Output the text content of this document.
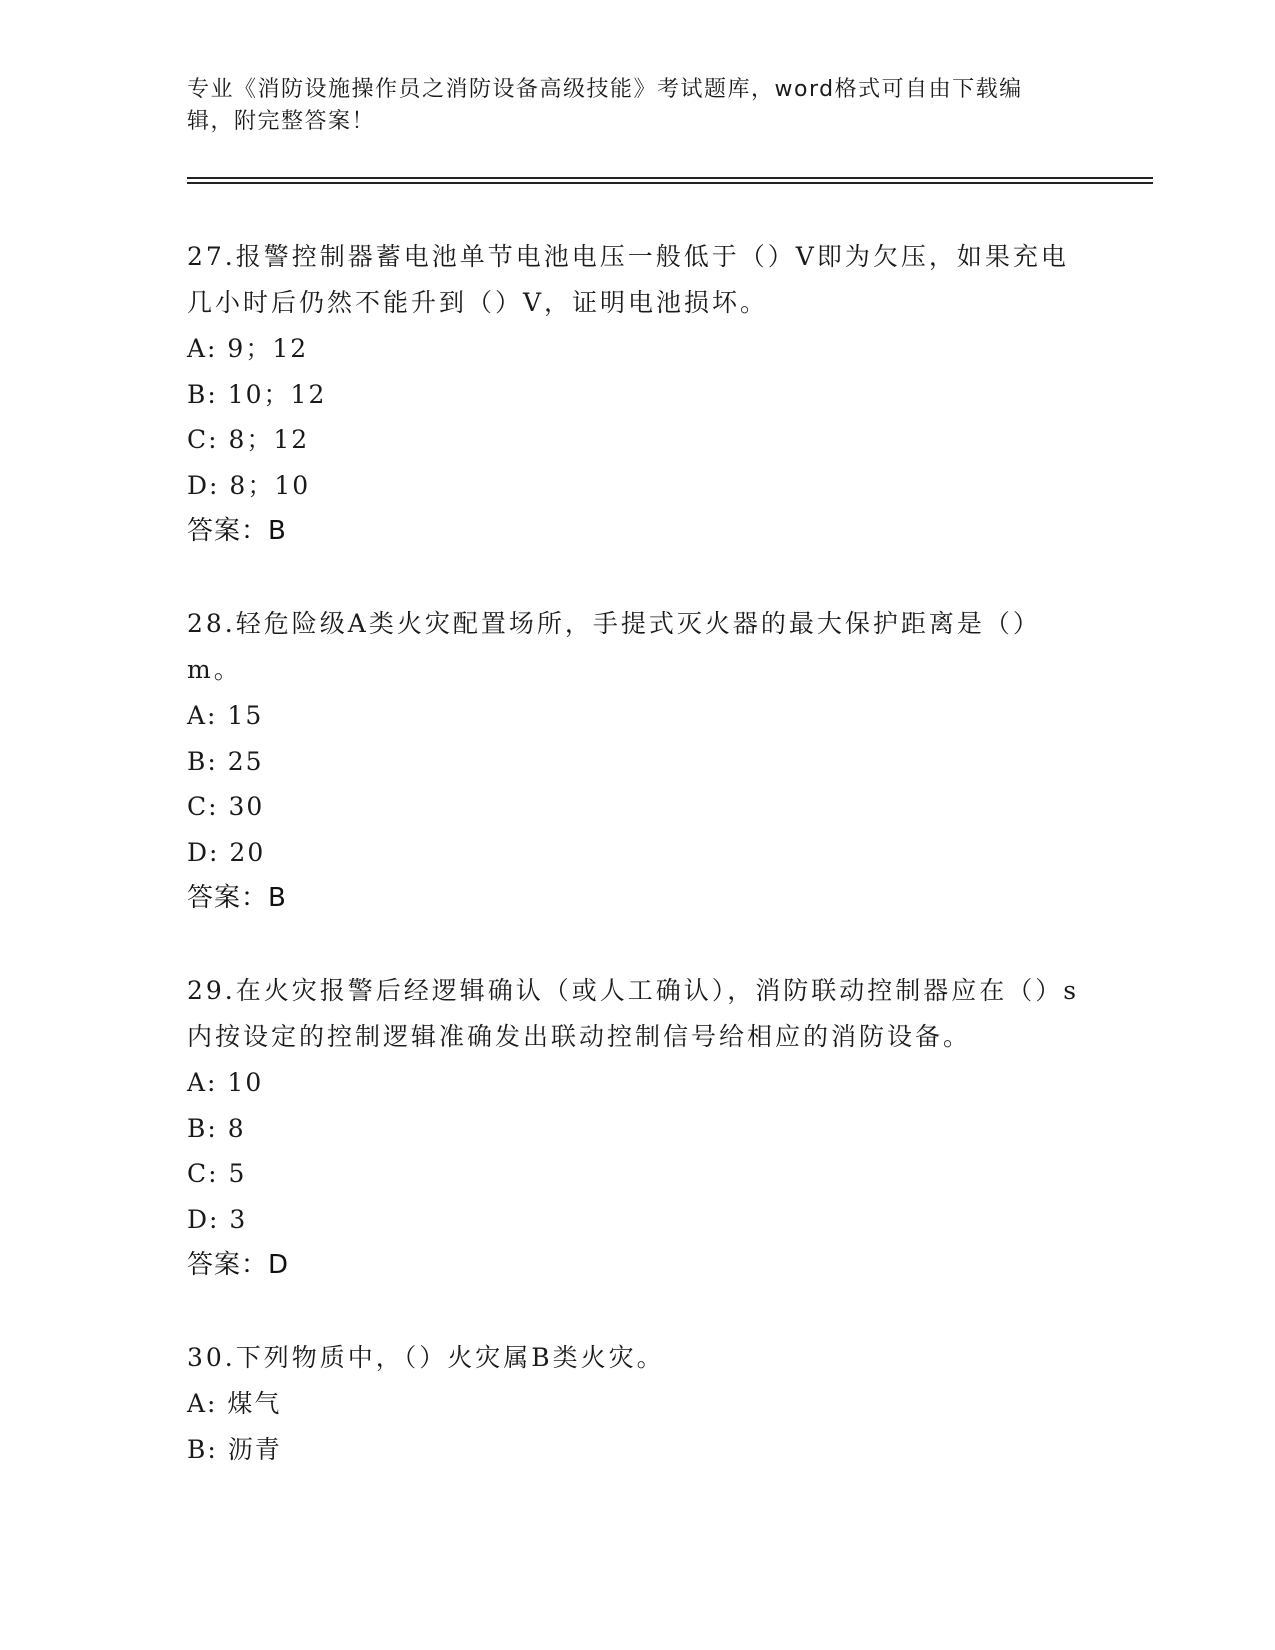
专业《消防设施操作员之消防设备高级技能》考试题库，word格式可自由下载编辑，附完整答案！
27.报警控制器蓄电池单节电池电压一般低于（）V即为欠压，如果充电几小时后仍然不能升到（）V，证明电池损坏。
A: 9；12
B: 10；12
C: 8；12
D: 8；10
答案：B
28.轻危险级A类火灾配置场所，手提式灭火器的最大保护距离是（）m。
A: 15
B: 25
C: 30
D: 20
答案：B
29.在火灾报警后经逻辑确认（或人工确认），消防联动控制器应在（）s内按设定的控制逻辑准确发出联动控制信号给相应的消防设备。
A: 10
B: 8
C: 5
D: 3
答案：D
30.下列物质中，（）火灾属B类火灾。
A: 煤气
B: 沥青
